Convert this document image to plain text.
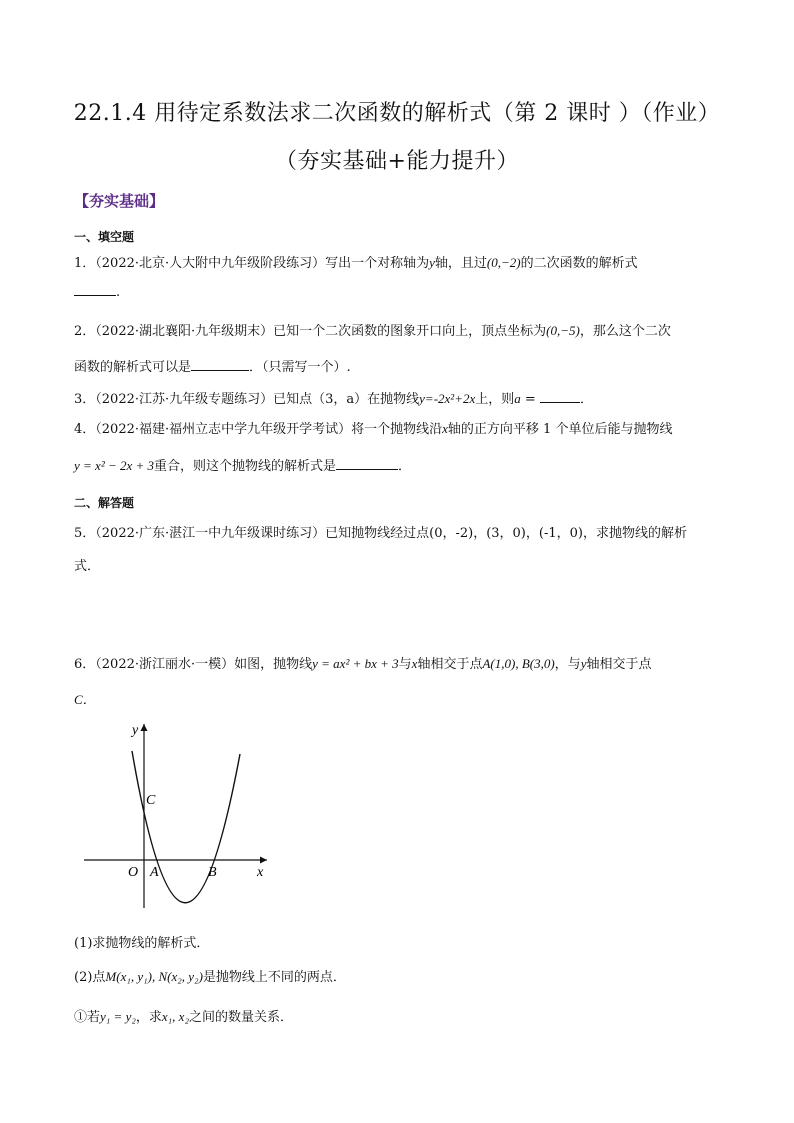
22.1.4 用待定系数法求二次函数的解析式（第 2 课时 ）（作业）
（夯实基础+能力提升）
【夯实基础】
一、填空题
1．（2022·北京·人大附中九年级阶段练习）写出一个对称轴为y轴，且过(0,−2)的二次函数的解析式
.
2．（2022·湖北襄阳·九年级期末）已知一个二次函数的图象开口向上，顶点坐标为(0,−5)，那么这个二次
函数的解析式可以是	．（只需写一个）.
3．（2022·江苏·九年级专题练习）已知点（3，a）在抛物线y=-2x²+2x上，则a =	．
4．（2022·福建·福州立志中学九年级开学考试）将一个抛物线沿x轴的正方向平移 1 个单位后能与抛物线
y = x² − 2x + 3重合，则这个抛物线的解析式是	．
二、解答题
5．（2022·广东·湛江一中九年级课时练习）已知抛物线经过点(0，-2)，(3，0)，(-1，0)，求抛物线的解析
式．
6．（2022·浙江丽水·一模）如图，抛物线y = ax² + bx + 3与x轴相交于点A(1,0), B(3,0)，与y轴相交于点
C．
y
x
O A	B
C
(1)求抛物线的解析式．
(2)点M(x₁, y₁), N(x₂, y₂)是抛物线上不同的两点．
①若y₁ = y₂，求x₁, x₂之间的数量关系．
